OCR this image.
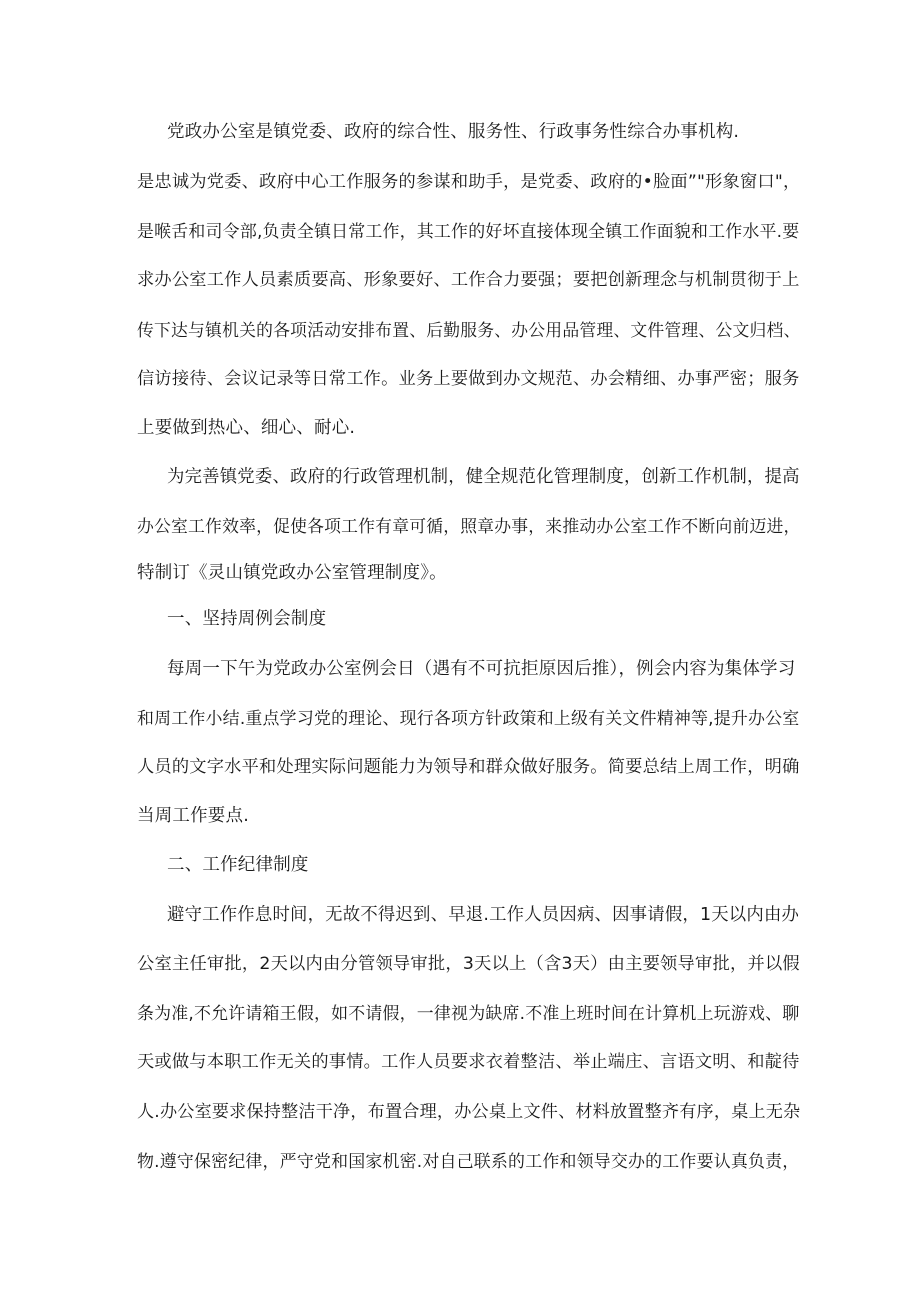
党政办公室是镇党委、政府的综合性、服务性、行政事务性综合办事机构.
是忠诚为党委、政府中心工作服务的参谋和助手，是党委、政府的•脸面”"形象窗口"，
是喉舌和司令部,负责全镇日常工作，其工作的好坏直接体现全镇工作面貌和工作水平.要
求办公室工作人员素质要高、形象要好、工作合力要强；要把创新理念与机制贯彻于上
传下达与镇机关的各项活动安排布置、后勤服务、办公用品管理、文件管理、公文归档、
信访接待、会议记录等日常工作。业务上要做到办文规范、办会精细、办事严密；服务
上要做到热心、细心、耐心.
为完善镇党委、政府的行政管理机制，健全规范化管理制度，创新工作机制，提高
办公室工作效率，促使各项工作有章可循，照章办事，来推动办公室工作不断向前迈进，
特制订《灵山镇党政办公室管理制度》。
一、坚持周例会制度
每周一下午为党政办公室例会日（遇有不可抗拒原因后推），例会内容为集体学习
和周工作小结.重点学习党的理论、现行各项方针政策和上级有关文件精神等,提升办公室
人员的文字水平和处理实际问题能力为领导和群众做好服务。简要总结上周工作，明确
当周工作要点.
二、工作纪律制度
避守工作作息时间，无故不得迟到、早退.工作人员因病、因事请假，1天以内由办
公室主任审批，2天以内由分管领导审批，3天以上（含3天）由主要领导审批，并以假
条为准,不允许请箱王假，如不请假，一律视为缺席.不准上班时间在计算机上玩游戏、聊
天或做与本职工作无关的事情。工作人员要求衣着整洁、举止端庄、言语文明、和靛待
人.办公室要求保持整洁干净，布置合理，办公桌上文件、材料放置整齐有序，桌上无杂
物.遵守保密纪律，严守党和国家机密.对自己联系的工作和领导交办的工作要认真负责，
